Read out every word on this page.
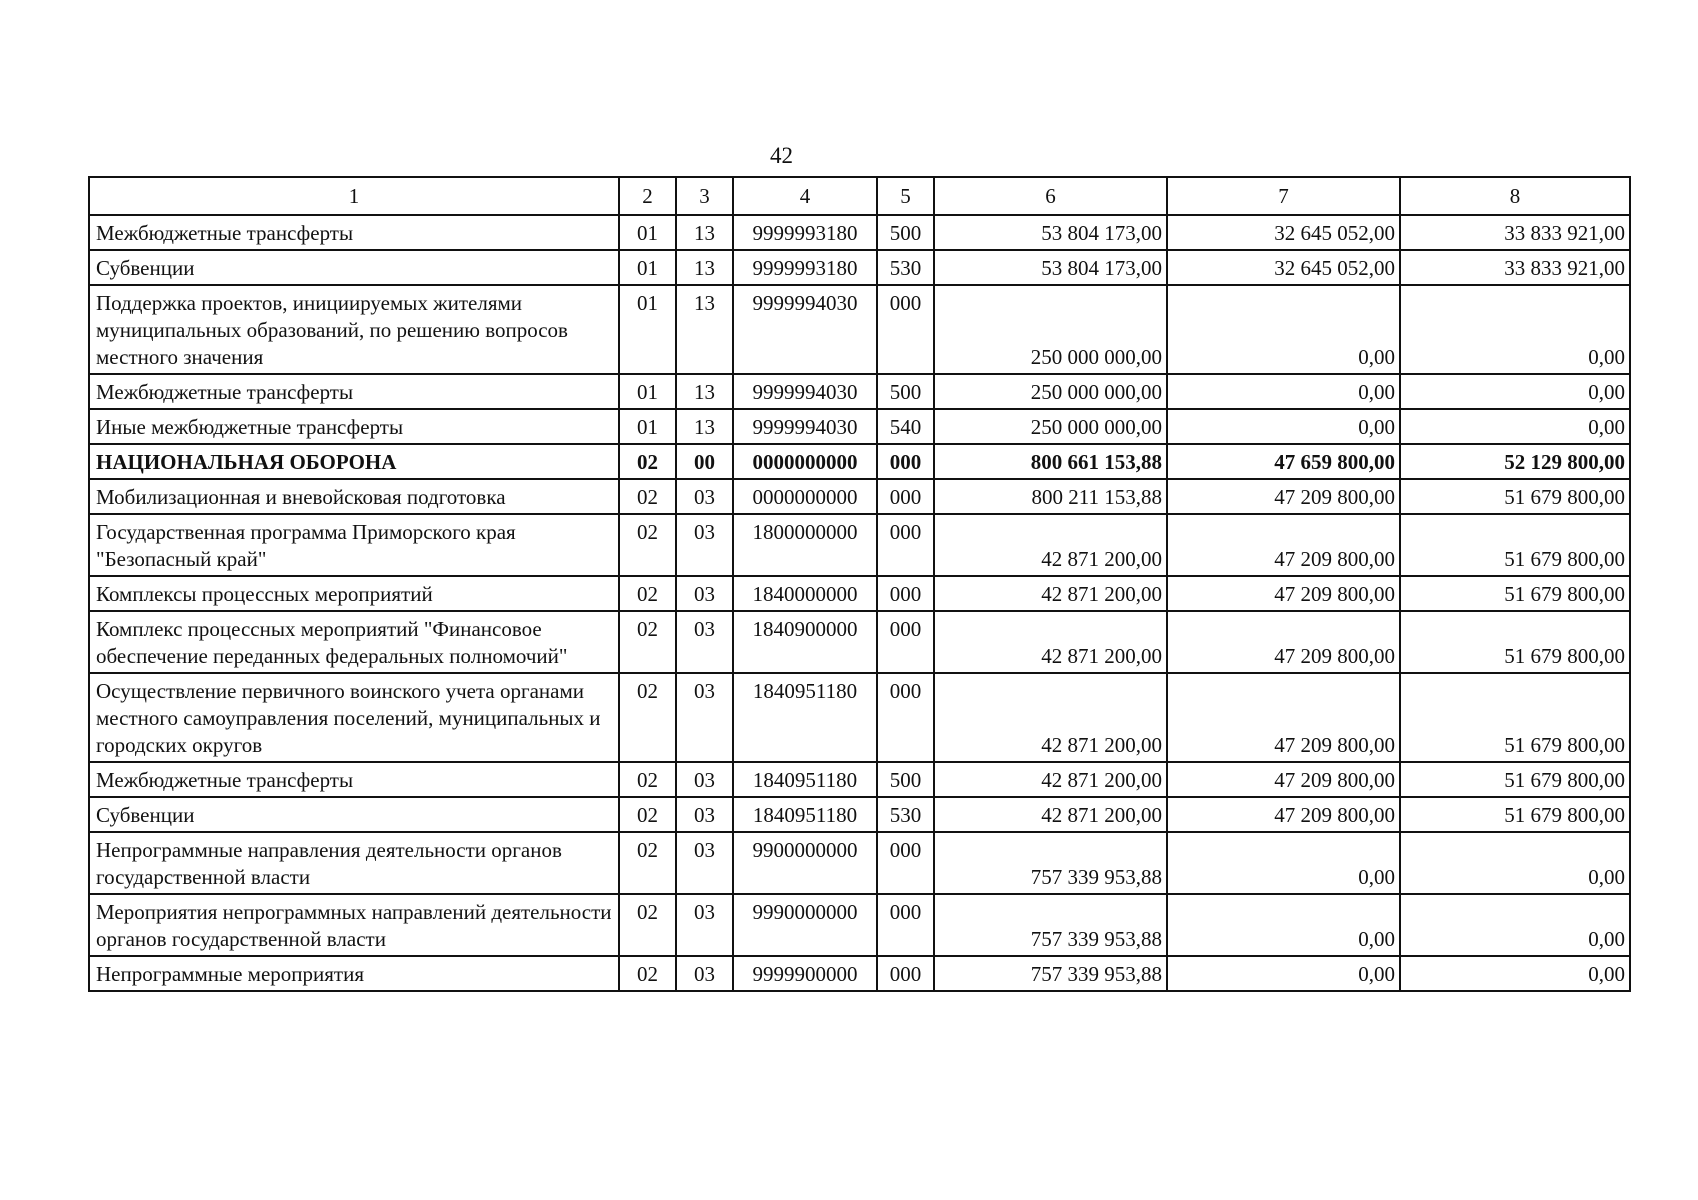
42
1	2	3	4	5	6	7	8
Межбюджетные трансферты	01	13	9999993180	500	53 804 173,00	32 645 052,00	33 833 921,00
Субвенции	01	13	9999993180	530	53 804 173,00	32 645 052,00	33 833 921,00
Поддержка проектов, инициируемых жителями муниципальных образований, по решению вопросов местного значения	01	13	9999994030	000	250 000 000,00	0,00	0,00
Межбюджетные трансферты	01	13	9999994030	500	250 000 000,00	0,00	0,00
Иные межбюджетные трансферты	01	13	9999994030	540	250 000 000,00	0,00	0,00
НАЦИОНАЛЬНАЯ ОБОРОНА	02	00	0000000000	000	800 661 153,88	47 659 800,00	52 129 800,00
Мобилизационная и вневойсковая подготовка	02	03	0000000000	000	800 211 153,88	47 209 800,00	51 679 800,00
Государственная программа Приморского края "Безопасный край"	02	03	1800000000	000	42 871 200,00	47 209 800,00	51 679 800,00
Комплексы процессных мероприятий	02	03	1840000000	000	42 871 200,00	47 209 800,00	51 679 800,00
Комплекс процессных мероприятий "Финансовое обеспечение переданных федеральных полномочий"	02	03	1840900000	000	42 871 200,00	47 209 800,00	51 679 800,00
Осуществление первичного воинского учета органами местного самоуправления поселений, муниципальных и городских округов	02	03	1840951180	000	42 871 200,00	47 209 800,00	51 679 800,00
Межбюджетные трансферты	02	03	1840951180	500	42 871 200,00	47 209 800,00	51 679 800,00
Субвенции	02	03	1840951180	530	42 871 200,00	47 209 800,00	51 679 800,00
Непрограммные направления деятельности органов государственной власти	02	03	9900000000	000	757 339 953,88	0,00	0,00
Мероприятия непрограммных направлений деятельности органов государственной власти	02	03	9990000000	000	757 339 953,88	0,00	0,00
Непрограммные мероприятия	02	03	9999900000	000	757 339 953,88	0,00	0,00
